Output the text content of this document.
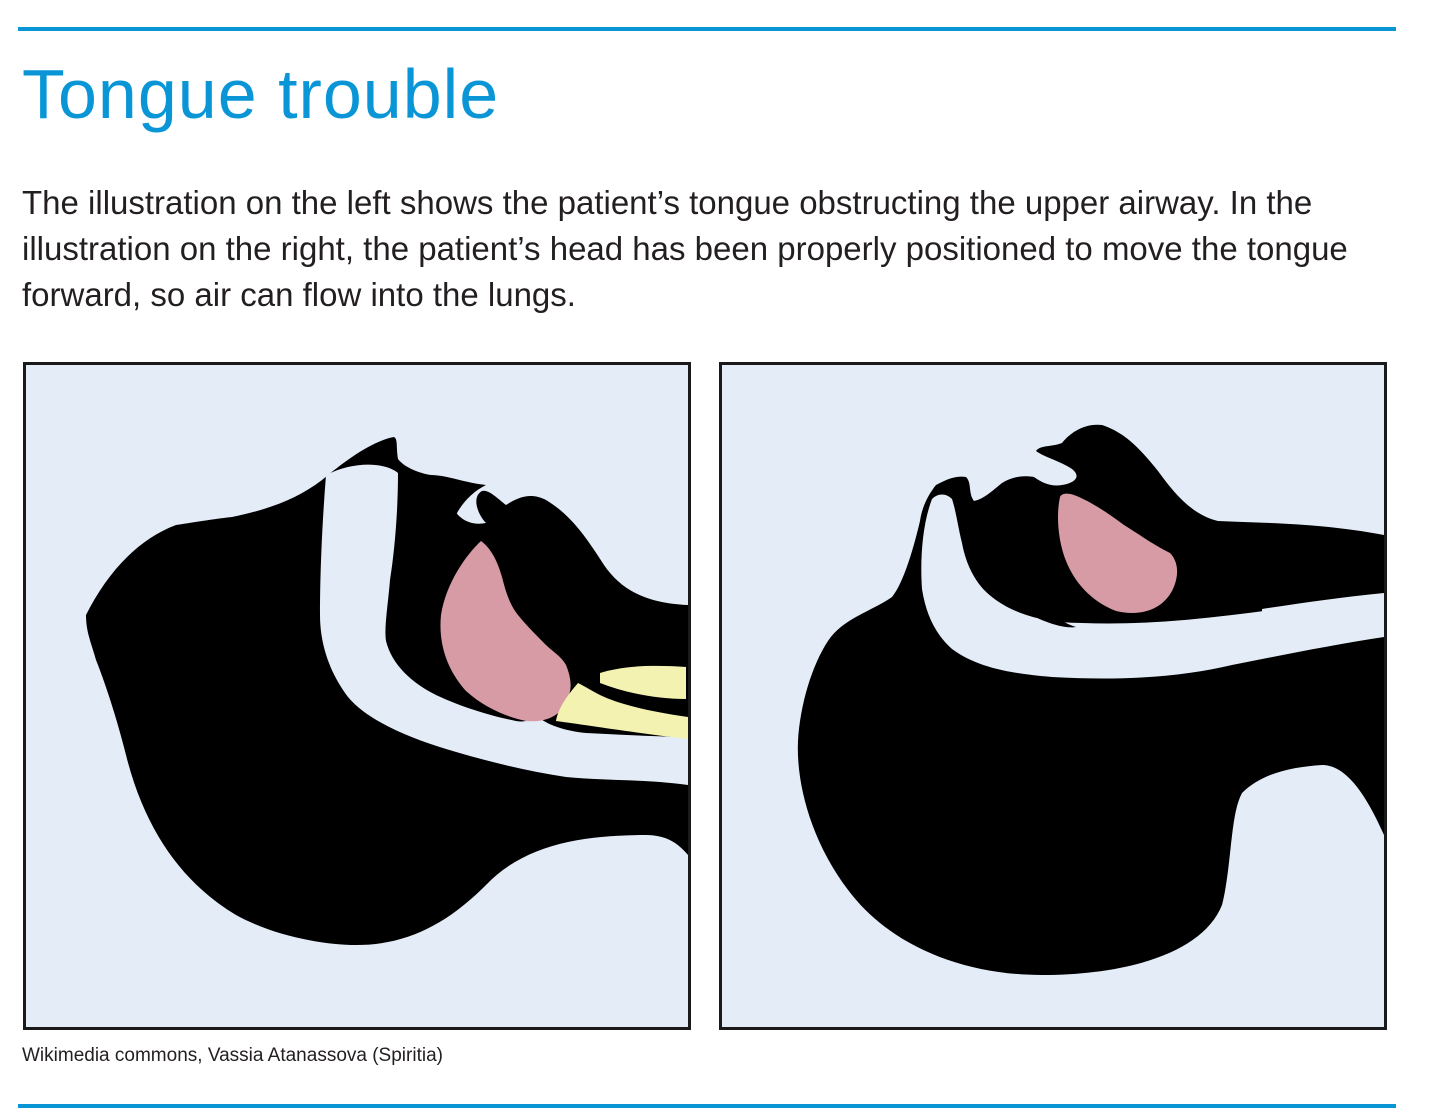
Tongue trouble

The illustration on the left shows the patient’s tongue obstructing the upper airway. In the illustration on the right, the patient’s head has been properly positioned to move the tongue forward, so air can flow into the lungs.

Wikimedia commons, Vassia Atanassova (Spiritia)
